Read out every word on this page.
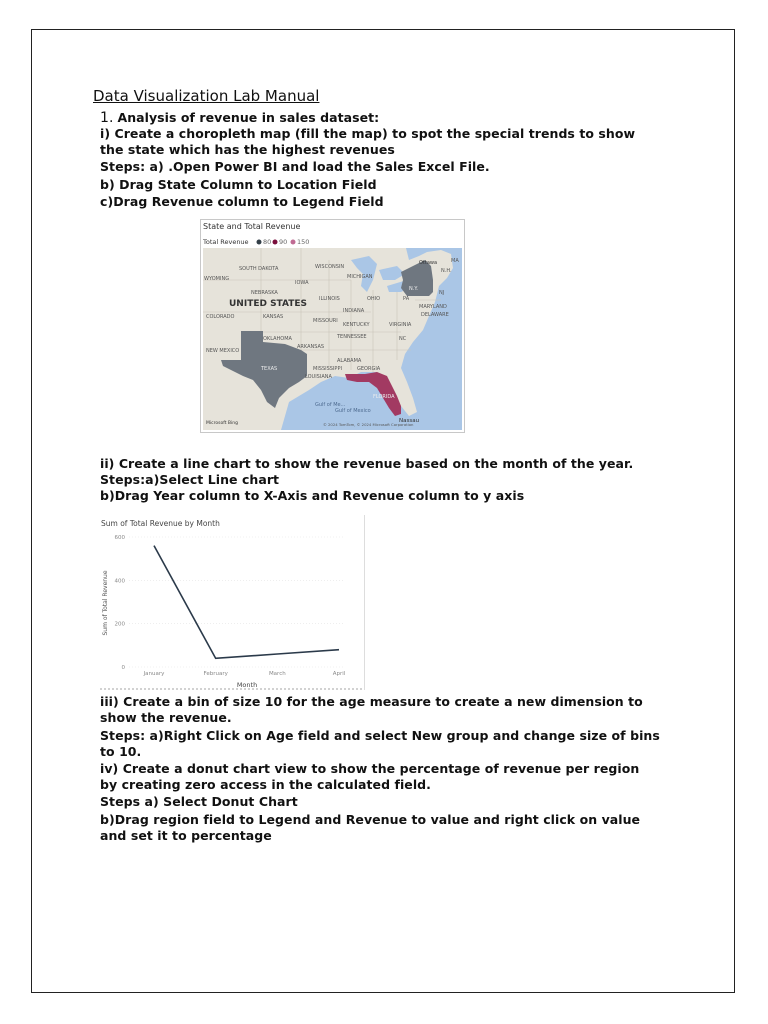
Data Visualization Lab Manual
1. Analysis of revenue in sales dataset:
i) Create a choropleth map (fill the map) to spot the special trends to show
the state which has the highest revenues
Steps: a) .Open Power BI and load the Sales Excel File.
b) Drag State Column to Location Field
c)Drag Revenue column to Legend Field
State and Total Revenue
Total Revenue 80 90 150
SOUTH DAKOTA	WISCONSIN
WYOMING
IOWA
MICHIGAN
NEBRASKA
ILLINOIS
INDIANA
OHIO	PA
COLORADO	KANSAS
MISSOURI
KENTUCKY	VIRGINIA
MARYLAND
DELAWARE
NJ
NEW MEXICO
OKLAHOMA
ARKANSAS
TENNESSEE	NC
TEXAS	MISSISSIPPI
ALABAMA
GEORGIA
LOUISIANA
FLORIDA
N.Y.
Ottawa	MA
N.H.
UNITED STATES
Gulf of Me...
Gulf of Mexico
Nassau
Microsoft Bing	© 2024 TomTom, © 2024 Microsoft Corporation
ii) Create a line chart to show the revenue based on the month of the year.
Steps:a)Select Line chart
b)Drag Year column to X-Axis and Revenue column to y axis
Sum of Total Revenue by Month
0
200
400
600
January	February	March	April
Month
Sum of Total Revenue
iii) Create a bin of size 10 for the age measure to create a new dimension to
show the revenue.
Steps: a)Right Click on Age field and select New group and change size of bins
to 10.
iv) Create a donut chart view to show the percentage of revenue per region
by creating zero access in the calculated field.
Steps a) Select Donut Chart
b)Drag region field to Legend and Revenue to value and right click on value
and set it to percentage
